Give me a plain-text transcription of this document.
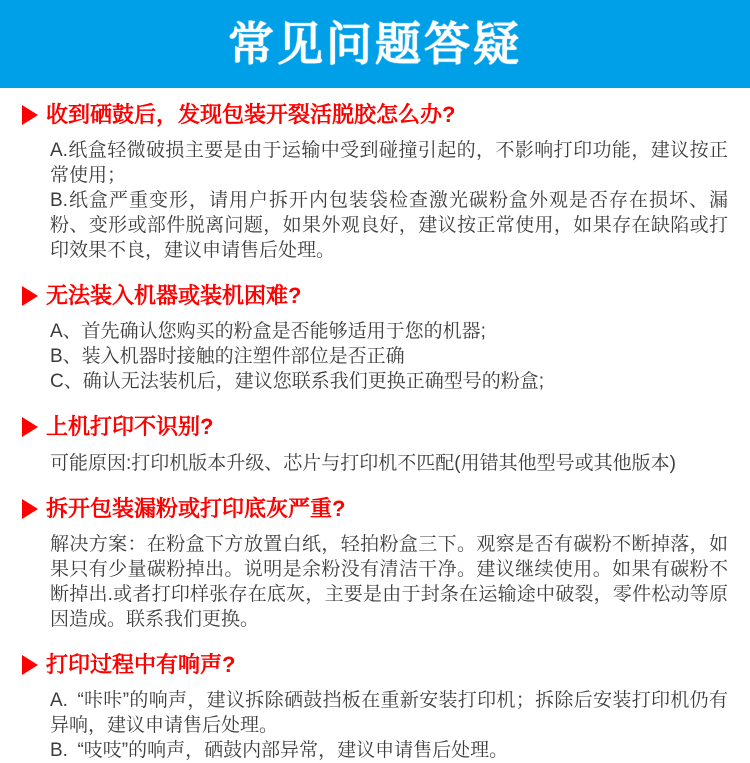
常见问题答疑
收到硒鼓后，发现包装开裂活脱胶怎么办?

A.纸盒轻微破损主要是由于运输中受到碰撞引起的，不影响打印功能，建议按正常使用；

B.纸盒严重变形，请用户拆开内包装袋检查激光碳粉盒外观是否存在损坏、漏粉、变形或部件脱离问题，如果外观良好，建议按正常使用，如果存在缺陷或打印效果不良，建议申请售后处理。

无法装入机器或装机困难?

A、首先确认您购买的粉盒是否能够适用于您的机器;

B、装入机器时接触的注塑件部位是否正确

C、确认无法装机后，建议您联系我们更换正确型号的粉盒;

上机打印不识别?

可能原因:打印机版本升级、芯片与打印机不匹配(用错其他型号或其他版本)

拆开包装漏粉或打印底灰严重?

解决方案：在粉盒下方放置白纸，轻拍粉盒三下。观察是否有碳粉不断掉落，如果只有少量碳粉掉出。说明是余粉没有清洁干净。建议继续使用。如果有碳粉不断掉出.或者打印样张存在底灰，主要是由于封条在运输途中破裂，零件松动等原因造成。联系我们更换。

打印过程中有响声?

A. “咔咔”的响声，建议拆除硒鼓挡板在重新安装打印机；拆除后安装打印机仍有异响，建议申请售后处理。

B. “吱吱”的响声，硒鼓内部异常，建议申请售后处理。
